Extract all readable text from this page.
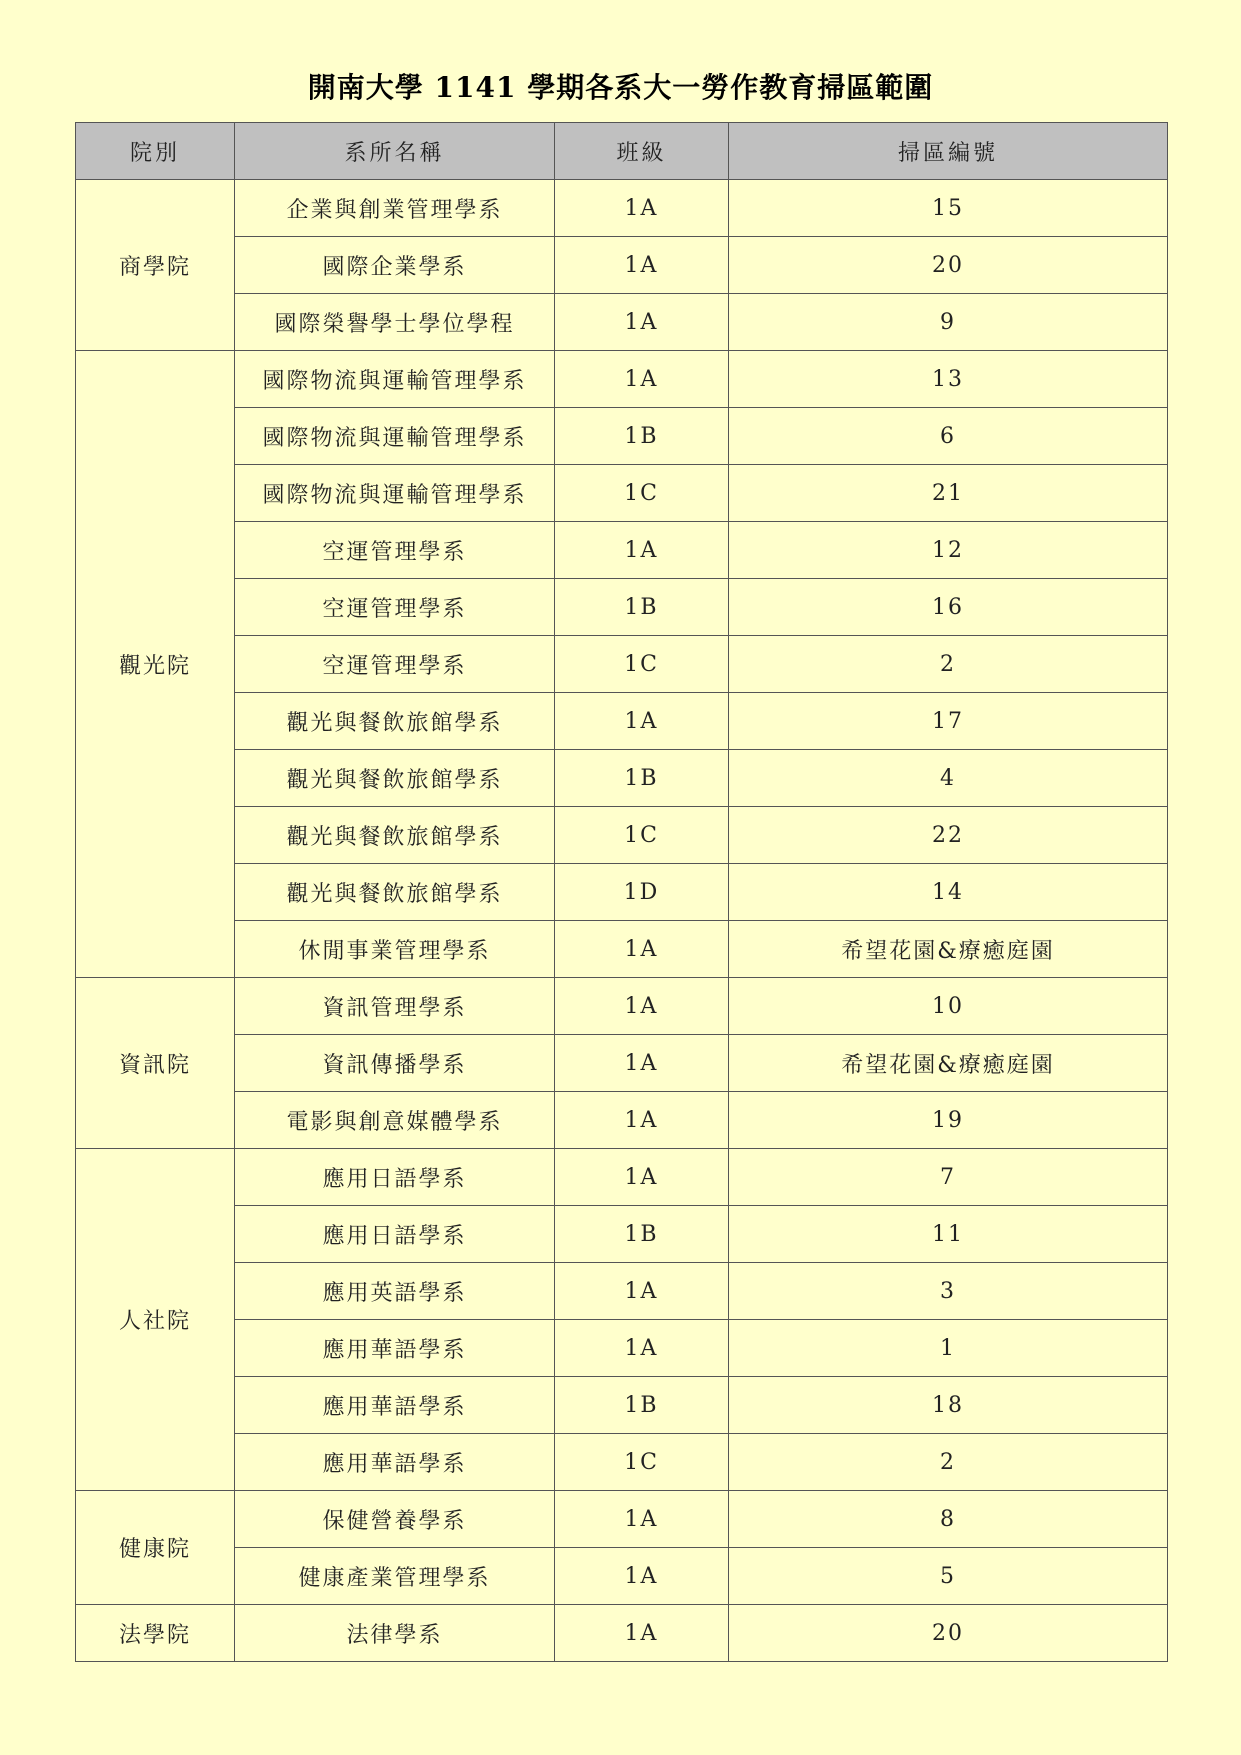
開南大學 1141 學期各系大一勞作教育掃區範圍
院別	系所名稱	班級	掃區編號
商學院	企業與創業管理學系	1A	15
	國際企業學系	1A	20
	國際榮譽學士學位學程	1A	9
觀光院	國際物流與運輸管理學系	1A	13
	國際物流與運輸管理學系	1B	6
	國際物流與運輸管理學系	1C	21
	空運管理學系	1A	12
	空運管理學系	1B	16
	空運管理學系	1C	2
	觀光與餐飲旅館學系	1A	17
	觀光與餐飲旅館學系	1B	4
	觀光與餐飲旅館學系	1C	22
	觀光與餐飲旅館學系	1D	14
	休閒事業管理學系	1A	希望花園&療癒庭園
資訊院	資訊管理學系	1A	10
	資訊傳播學系	1A	希望花園&療癒庭園
	電影與創意媒體學系	1A	19
人社院	應用日語學系	1A	7
	應用日語學系	1B	11
	應用英語學系	1A	3
	應用華語學系	1A	1
	應用華語學系	1B	18
	應用華語學系	1C	2
健康院	保健營養學系	1A	8
	健康產業管理學系	1A	5
法學院	法律學系	1A	20
